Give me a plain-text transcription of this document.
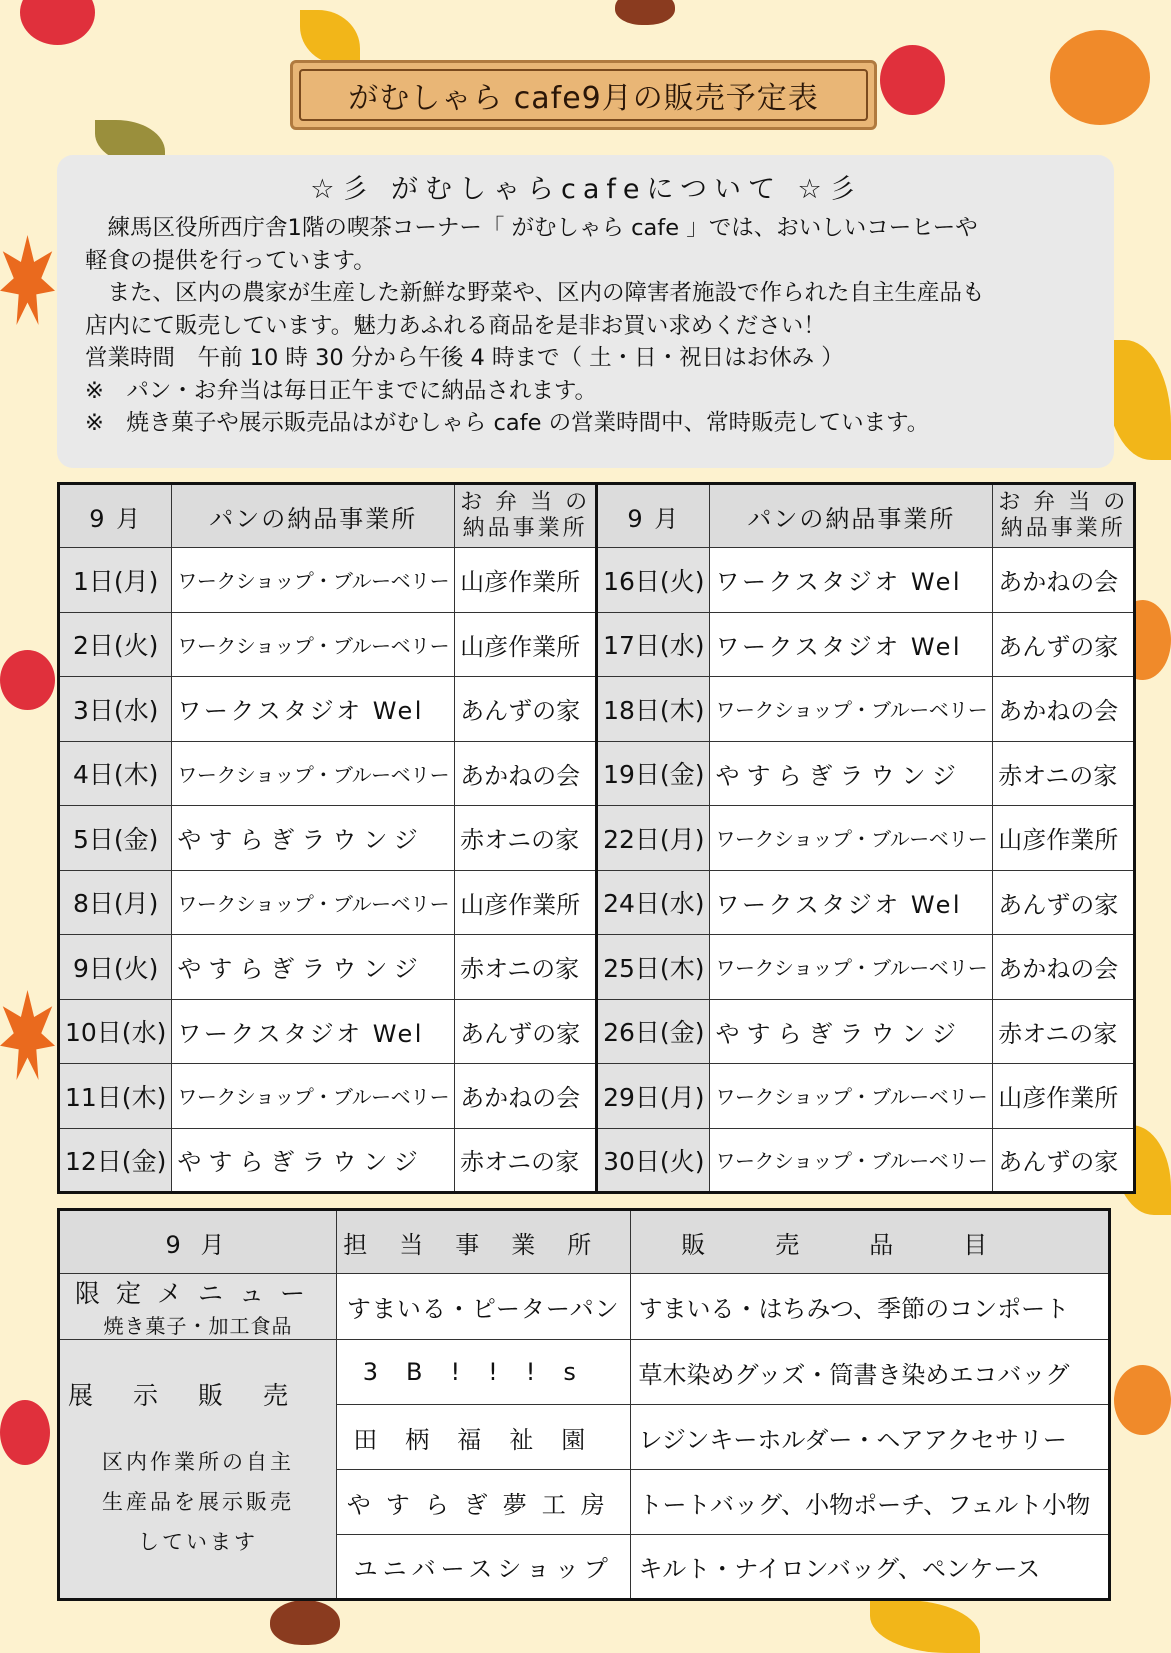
がむしゃら cafe9月の販売予定表
☆彡 がむしゃらcafeについて ☆彡

練馬区役所西庁舎1階の喫茶コーナー「 がむしゃら cafe 」では、おいしいコーヒーや

軽食の提供を行っています。

また、区内の農家が生産した新鮮な野菜や、区内の障害者施設で作られた自主生産品も

店内にて販売しています。魅力あふれる商品を是非お買い求めください！

営業時間　午前 10 時 30 分から午後 4 時まで（ 土・日・祝日はお休み ）

※　パン・お弁当は毎日正午までに納品されます。

※　焼き菓子や展示販売品はがむしゃら cafe の営業時間中、常時販売しています。

9 月	パンの納品事業所	お 弁 当 の
納品事業所	9 月	パンの納品事業所	お 弁 当 の
納品事業所
1日(月)	ワークショップ・ブルーベリー	山彦作業所	16日(火)	ワークスタジオ Wel	あかねの会
2日(火)	ワークショップ・ブルーベリー	山彦作業所	17日(水)	ワークスタジオ Wel	あんずの家
3日(水)	ワークスタジオ Wel	あんずの家	18日(木)	ワークショップ・ブルーベリー	あかねの会
4日(木)	ワークショップ・ブルーベリー	あかねの会	19日(金)	やすらぎラウンジ	赤オニの家
5日(金)	やすらぎラウンジ	赤オニの家	22日(月)	ワークショップ・ブルーベリー	山彦作業所
8日(月)	ワークショップ・ブルーベリー	山彦作業所	24日(水)	ワークスタジオ Wel	あんずの家
9日(火)	やすらぎラウンジ	赤オニの家	25日(木)	ワークショップ・ブルーベリー	あかねの会
10日(水)	ワークスタジオ Wel	あんずの家	26日(金)	やすらぎラウンジ	赤オニの家
11日(木)	ワークショップ・ブルーベリー	あかねの会	29日(月)	ワークショップ・ブルーベリー	山彦作業所
12日(金)	やすらぎラウンジ	赤オニの家	30日(火)	ワークショップ・ブルーベリー	あんずの家
9 月	担当事業所	販売品目

限定メニュー
焼き菓子・加工食品	すまいる・ピーターパン	すまいる・はちみつ、季節のコンポート

展示販売
区内作業所の自主
生産品を展示販売
しています	3B!!!s	草木染めグッズ・筒書き染めエコバッグ
	田柄福祉園	レジンキーホルダー・ヘアアクセサリー
	やすらぎ夢工房	トートバッグ、小物ポーチ、フェルト小物
	ユニバースショップ	キルト・ナイロンバッグ、ペンケース
